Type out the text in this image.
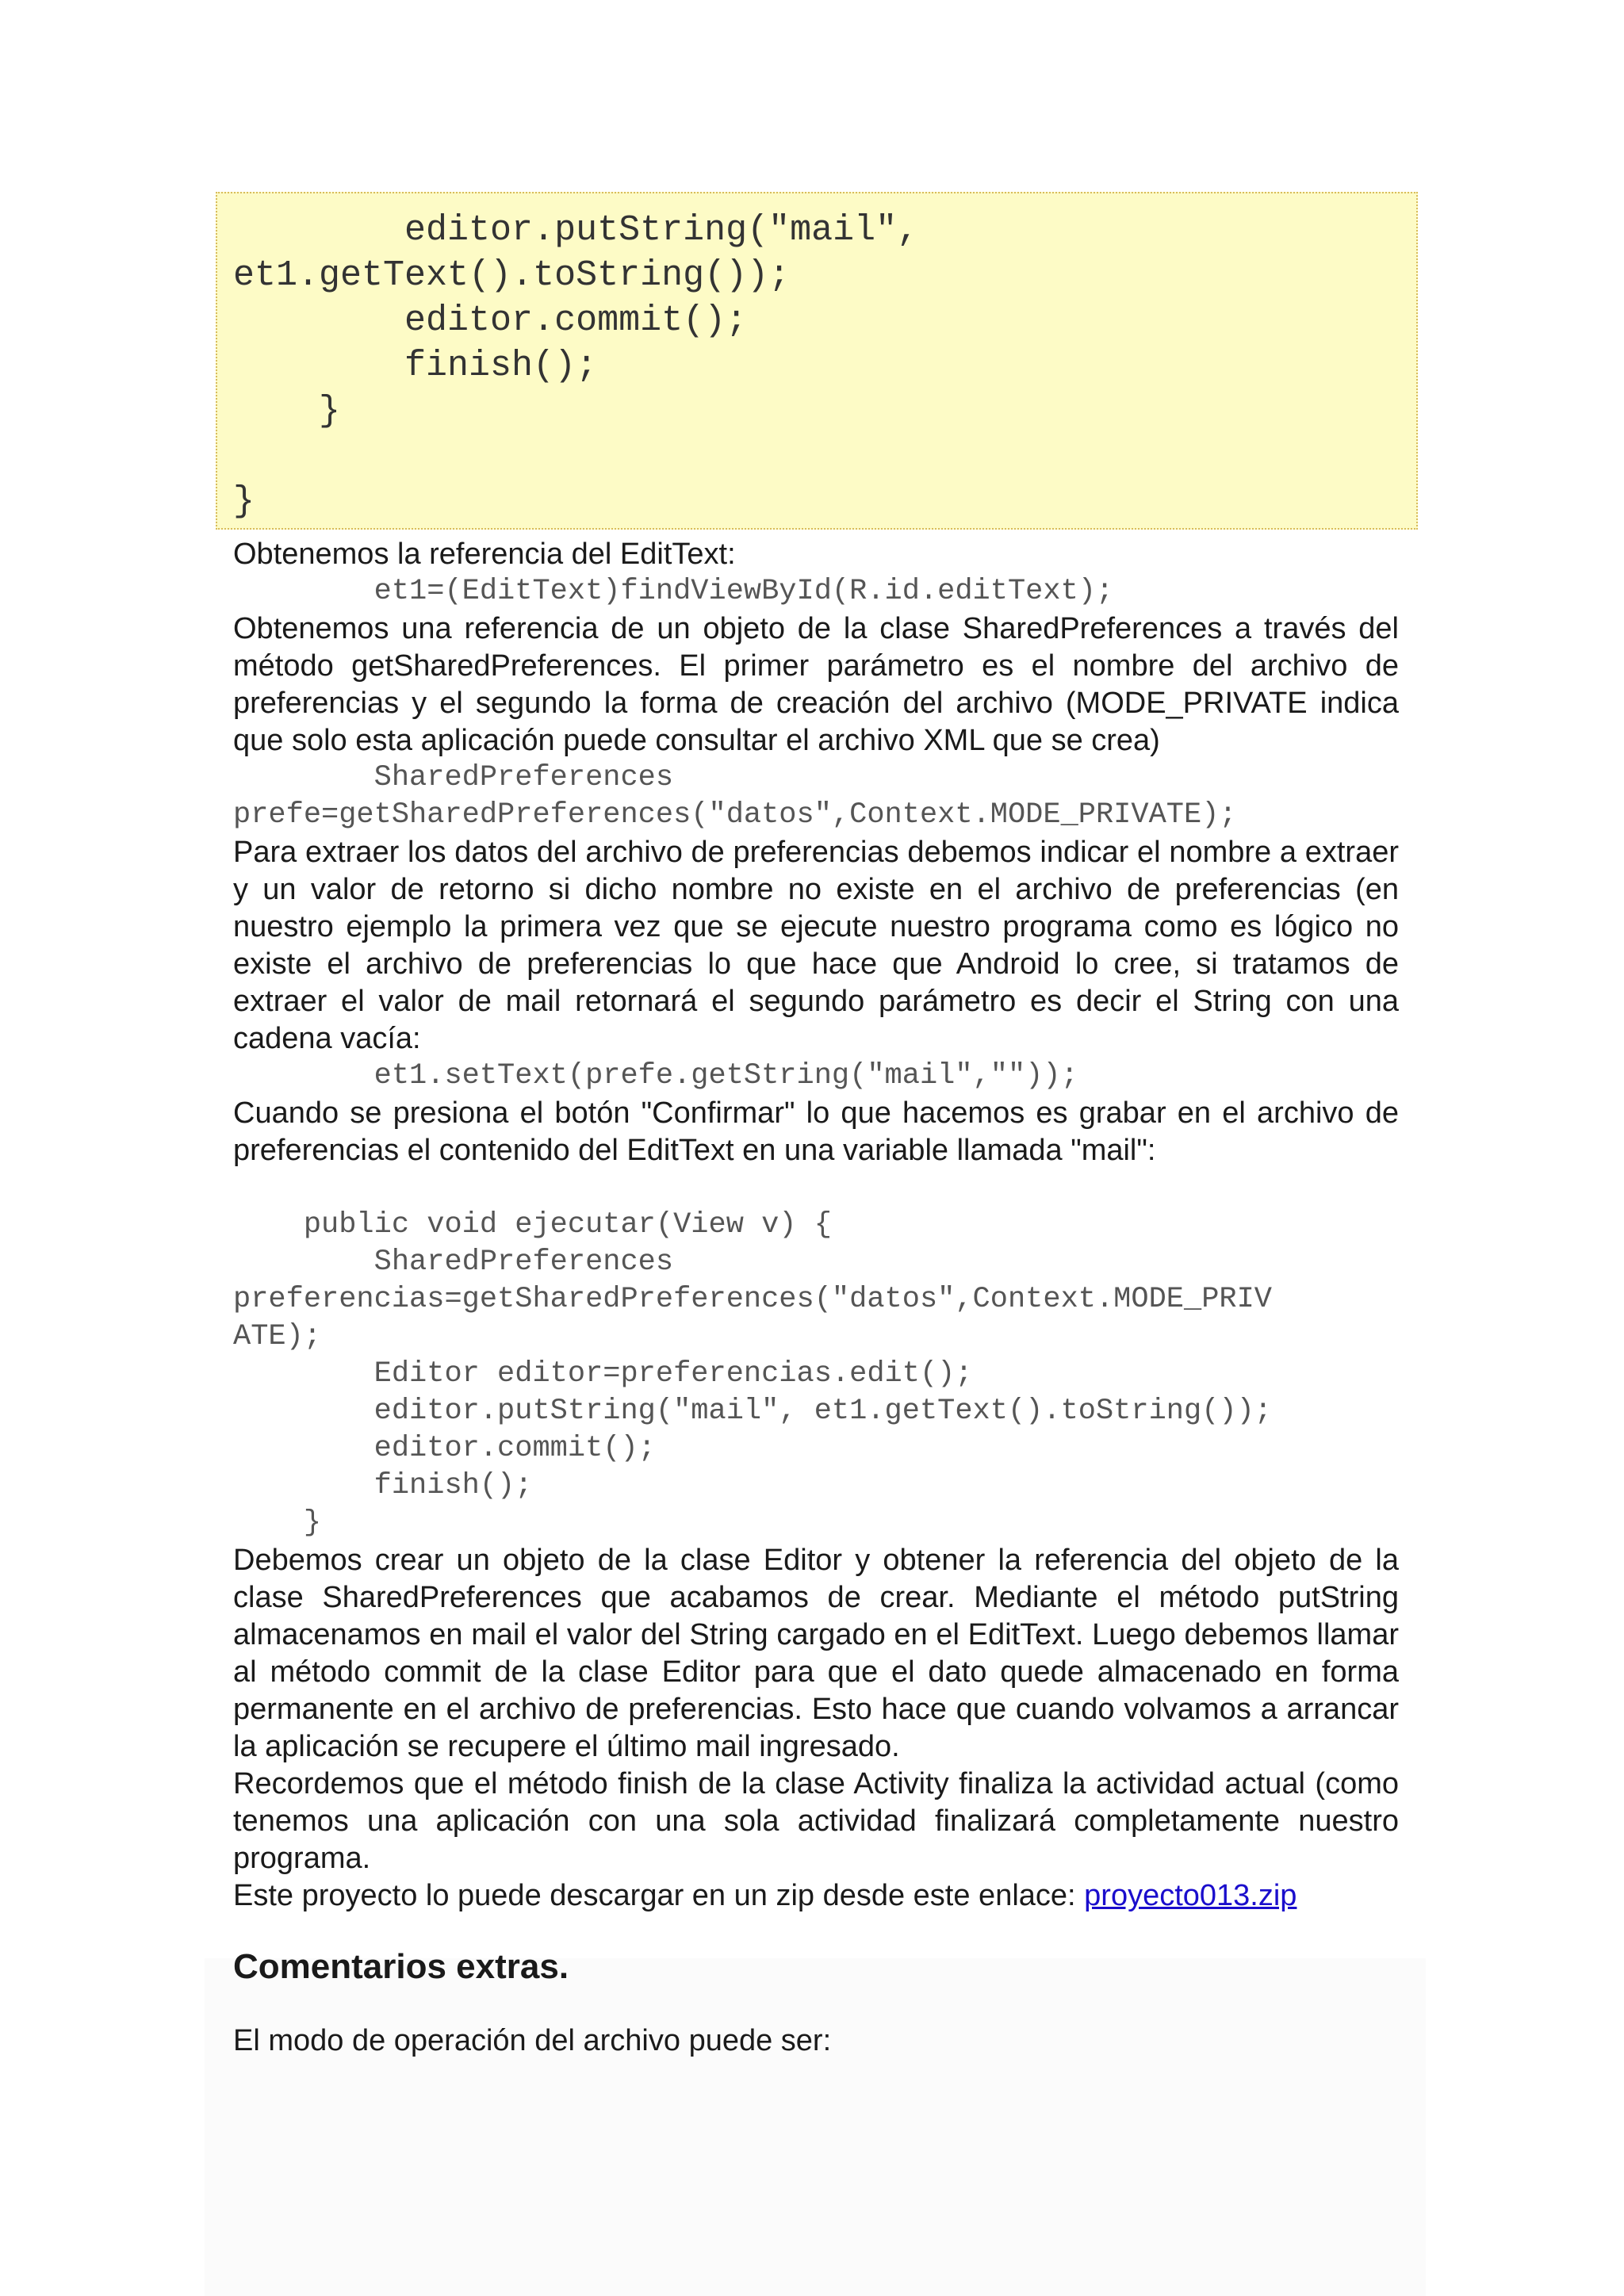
editor.putString("mail",
et1.getText().toString());
editor.commit();
finish();
}

}

Obtenemos la referencia del EditText:

et1=(EditText)findViewById(R.id.editText);

Obtenemos una referencia de un objeto de la clase SharedPreferences a través del método getSharedPreferences. El primer parámetro es el nombre del archivo de preferencias y el segundo la forma de creación del archivo (MODE_PRIVATE indica que solo esta aplicación puede consultar el archivo XML que se crea)

SharedPreferences
prefe=getSharedPreferences("datos",Context.MODE_PRIVATE);

Para extraer los datos del archivo de preferencias debemos indicar el nombre a extraer y un valor de retorno si dicho nombre no existe en el archivo de preferencias (en nuestro ejemplo la primera vez que se ejecute nuestro programa como es lógico no existe el archivo de preferencias lo que hace que Android lo cree, si tratamos de extraer el valor de mail retornará el segundo parámetro es decir el String con una cadena vacía:

et1.setText(prefe.getString("mail",""));

Cuando se presiona el botón "Confirmar" lo que hacemos es grabar en el archivo de preferencias el contenido del EditText en una variable llamada "mail":

public void ejecutar(View v) {
SharedPreferences
preferencias=getSharedPreferences("datos",Context.MODE_PRIV
ATE);
Editor editor=preferencias.edit();
editor.putString("mail", et1.getText().toString());
editor.commit();
finish();
}

Debemos crear un objeto de la clase Editor y obtener la referencia del objeto de la clase SharedPreferences que acabamos de crear. Mediante el método putString almacenamos en mail el valor del String cargado en el EditText. Luego debemos llamar al método commit de la clase Editor para que el dato quede almacenado en forma permanente en el archivo de preferencias. Esto hace que cuando volvamos a arrancar la aplicación se recupere el último mail ingresado.

Recordemos que el método finish de la clase Activity finaliza la actividad actual (como tenemos una aplicación con una sola actividad finalizará completamente nuestro programa.

Este proyecto lo puede descargar en un zip desde este enlace: proyecto013.zip

Comentarios extras.

El modo de operación del archivo puede ser:
